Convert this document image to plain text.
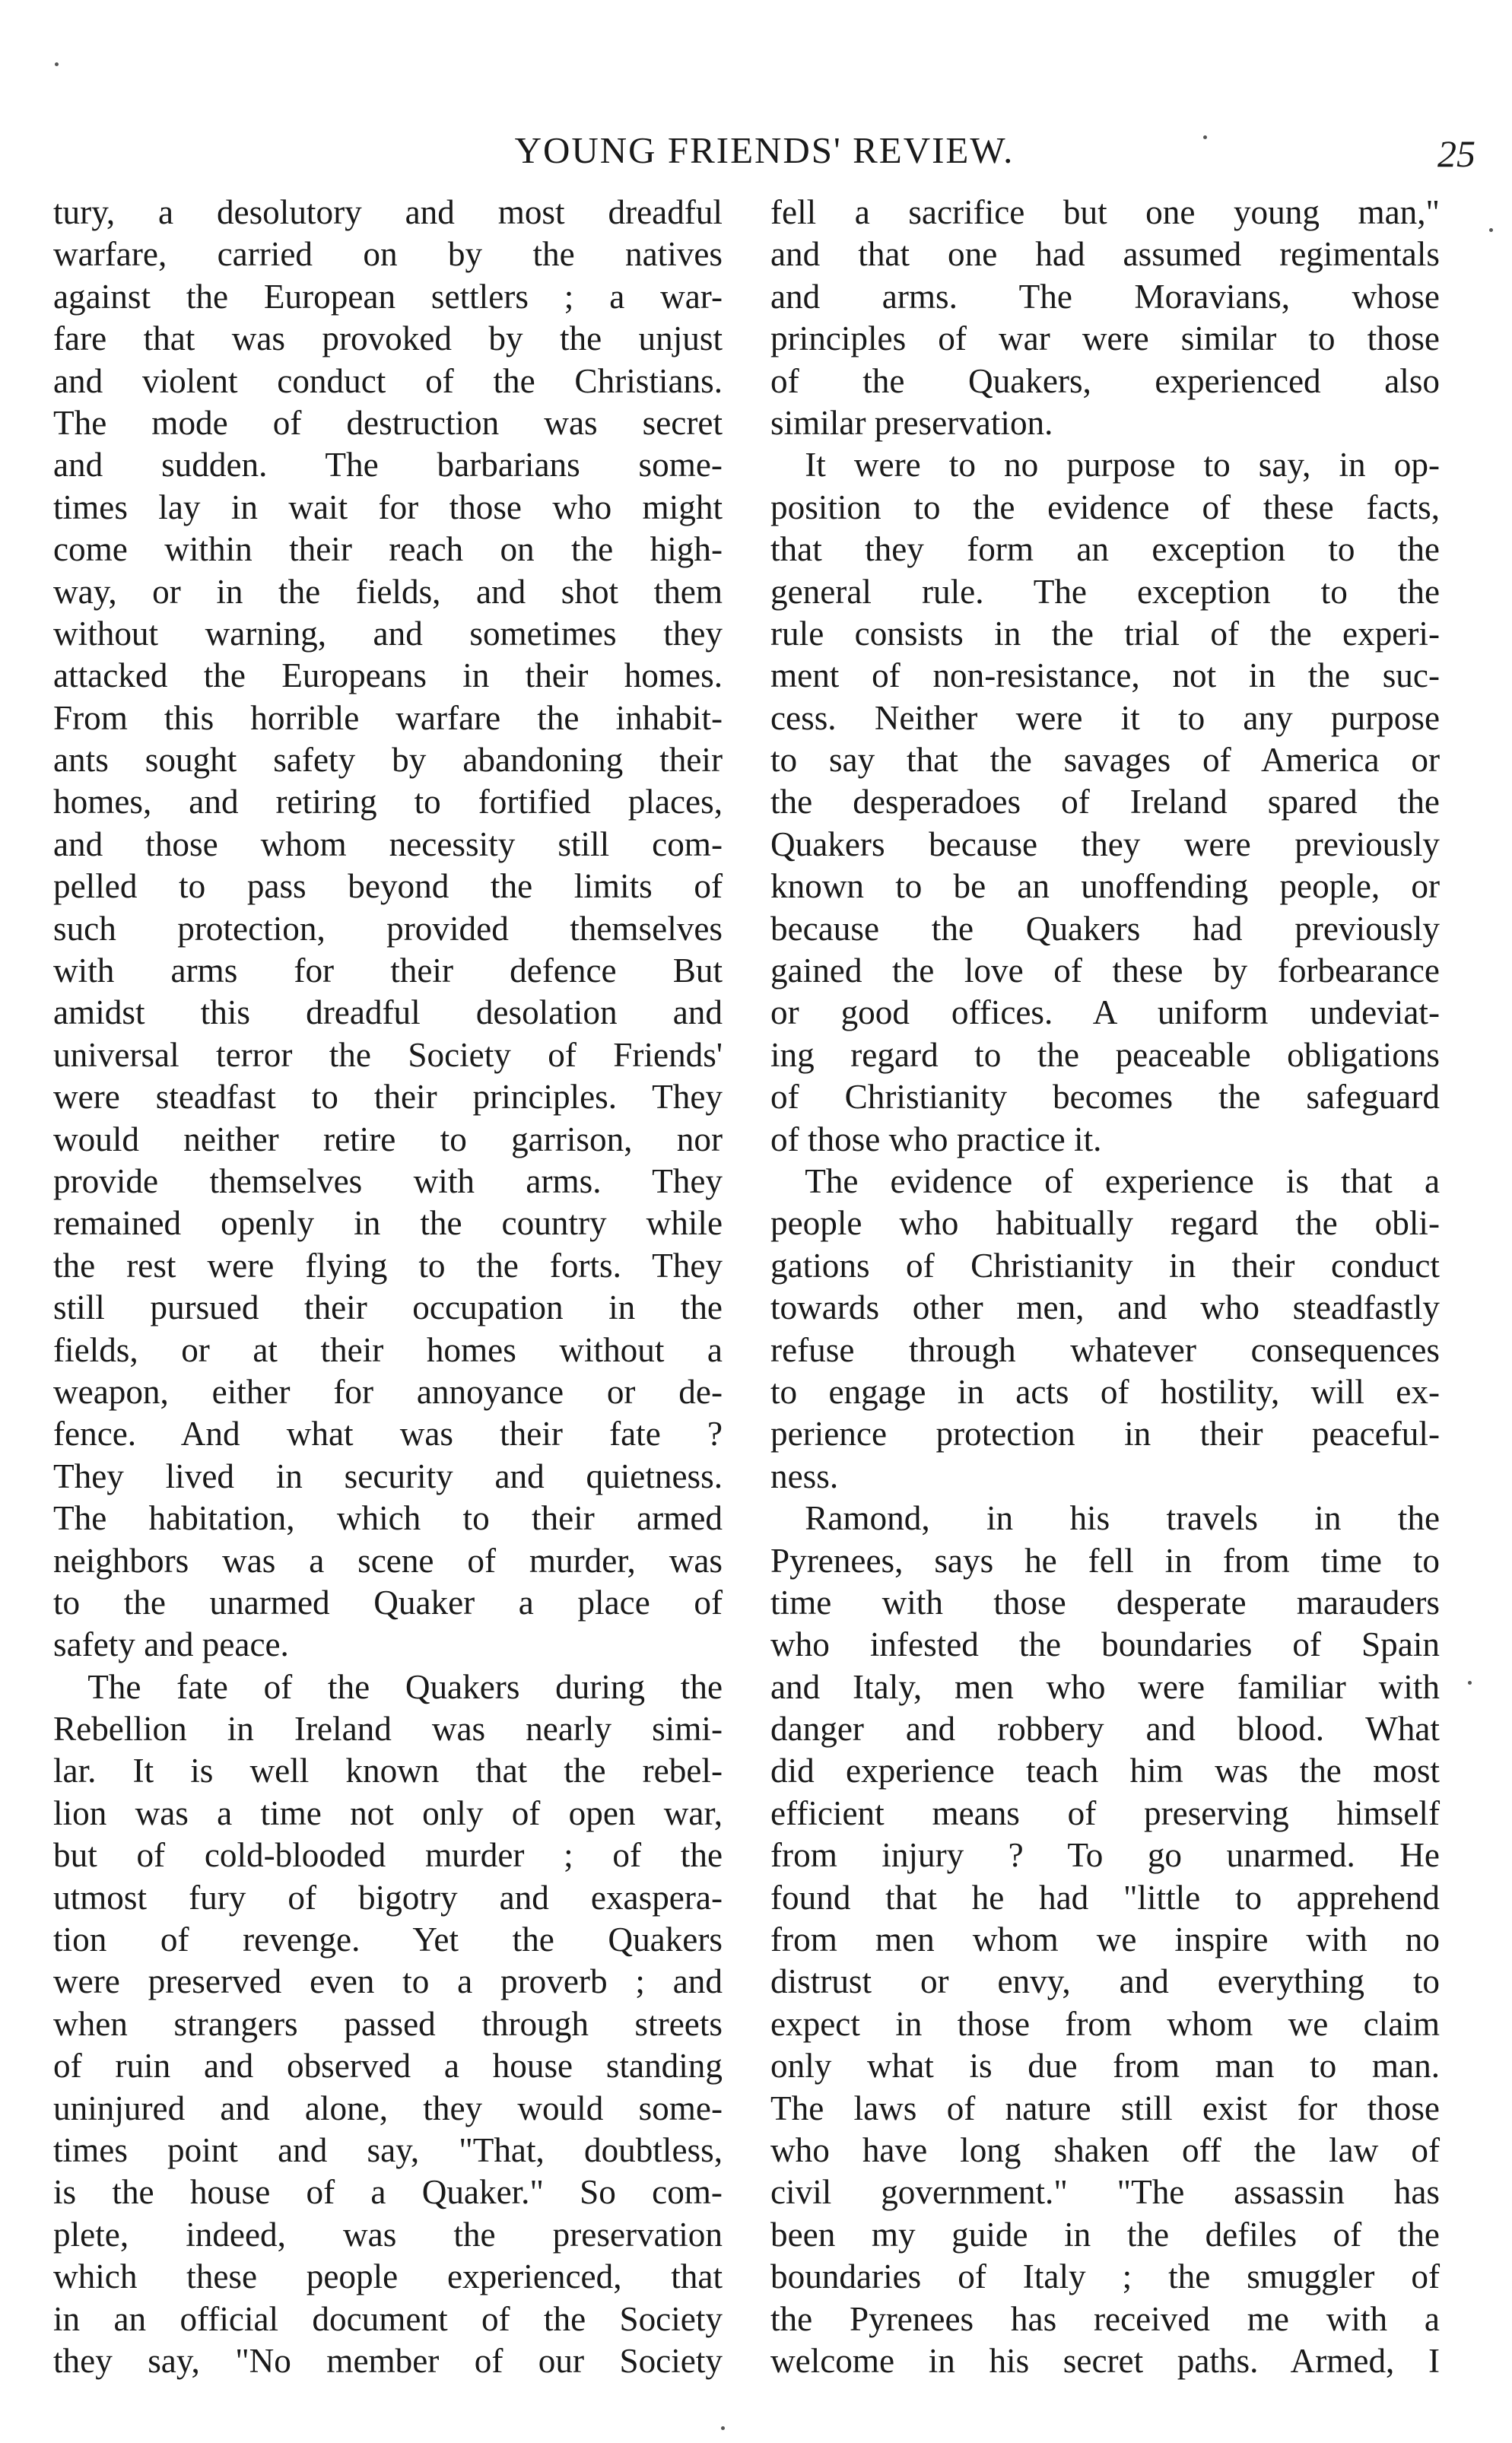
YOUNG FRIENDS' REVIEW.	25
tury, a desolutory and most dreadful
warfare, carried on by the natives
against the European settlers ; a war-
fare that was provoked by the unjust
and violent conduct of the Christians.
The mode of destruction was secret
and sudden. The barbarians some-
times lay in wait for those who might
come within their reach on the high-
way, or in the fields, and shot them
without warning, and sometimes they
attacked the Europeans in their homes.
From this horrible warfare the inhabit-
ants sought safety by abandoning their
homes, and retiring to fortified places,
and those whom necessity still com-
pelled to pass beyond the limits of
such protection, provided themselves
with arms for their defence But
amidst this dreadful desolation and
universal terror the Society of Friends'
were steadfast to their principles. They
would neither retire to garrison, nor
provide themselves with arms. They
remained openly in the country while
the rest were flying to the forts. They
still pursued their occupation in the
fields, or at their homes without a
weapon, either for annoyance or de-
fence. And what was their fate ?
They lived in security and quietness.
The habitation, which to their armed
neighbors was a scene of murder, was
to the unarmed Quaker a place of
safety and peace.
 The fate of the Quakers during the
Rebellion in Ireland was nearly simi-
lar. It is well known that the rebel-
lion was a time not only of open war,
but of cold-blooded murder ; of the
utmost fury of bigotry and exaspera-
tion of revenge. Yet the Quakers
were preserved even to a proverb ; and
when strangers passed through streets
of ruin and observed a house standing
uninjured and alone, they would some-
times point and say, "That, doubtless,
is the house of a Quaker." So com-
plete, indeed, was the preservation
which these people experienced, that
in an official document of the Society
they say, "No member of our Society
fell a sacrifice but one young man,"
and that one had assumed regimentals
and arms. The Moravians, whose
principles of war were similar to those
of the Quakers, experienced also
similar preservation.
 It were to no purpose to say, in op-
position to the evidence of these facts,
that they form an exception to the
general rule. The exception to the
rule consists in the trial of the experi-
ment of non-resistance, not in the suc-
cess. Neither were it to any purpose
to say that the savages of America or
the desperadoes of Ireland spared the
Quakers because they were previously
known to be an unoffending people, or
because the Quakers had previously
gained the love of these by forbearance
or good offices. A uniform undeviat-
ing regard to the peaceable obligations
of Christianity becomes the safeguard
of those who practice it.
 The evidence of experience is that a
people who habitually regard the obli-
gations of Christianity in their conduct
towards other men, and who steadfastly
refuse through whatever consequences
to engage in acts of hostility, will ex-
perience protection in their peaceful-
ness.
 Ramond, in his travels in the
Pyrenees, says he fell in from time to
time with those desperate marauders
who infested the boundaries of Spain
and Italy, men who were familiar with
danger and robbery and blood. What
did experience teach him was the most
efficient means of preserving himself
from injury ? To go unarmed. He
found that he had "little to apprehend
from men whom we inspire with no
distrust or envy, and everything to
expect in those from whom we claim
only what is due from man to man.
The laws of nature still exist for those
who have long shaken off the law of
civil government." "The assassin has
been my guide in the defiles of the
boundaries of Italy ; the smuggler of
the Pyrenees has received me with a
welcome in his secret paths. Armed, I
